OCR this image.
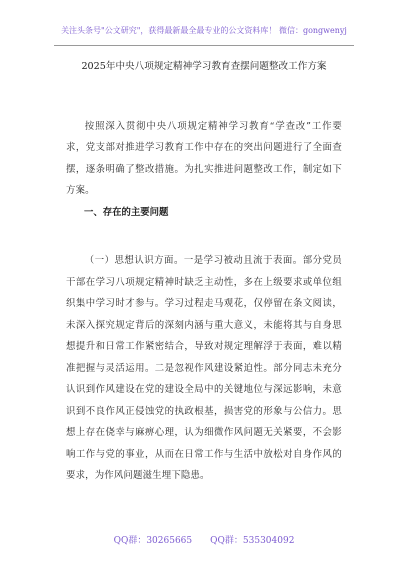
关注头条号"公文研究"，获得最新最全最专业的公文资料库！ 微信：gongwenyj
2025年中央八项规定精神学习教育查摆问题整改工作方案

按照深入贯彻中央八项规定精神学习教育“学查改”工作要求，党支部对推进学习教育工作中存在的突出问题进行了全面查摆，逐条明确了整改措施。为扎实推进问题整改工作，制定如下方案。

一、存在的主要问题

（一）思想认识方面。一是学习被动且流于表面。部分党员干部在学习八项规定精神时缺乏主动性，多在上级要求或单位组织集中学习时才参与。学习过程走马观花，仅停留在条文阅读，未深入探究规定背后的深刻内涵与重大意义，未能将其与自身思想提升和日常工作紧密结合，导致对规定理解浮于表面，难以精准把握与灵活运用。二是忽视作风建设紧迫性。部分同志未充分认识到作风建设在党的建设全局中的关键地位与深远影响，未意识到不良作风正侵蚀党的执政根基，损害党的形象与公信力。思想上存在侥幸与麻痹心理，认为细微作风问题无关紧要，不会影响工作与党的事业，从而在日常工作与生活中放松对自身作风的要求，为作风问题滋生埋下隐患。

QQ群：30265665 QQ群：535304092
